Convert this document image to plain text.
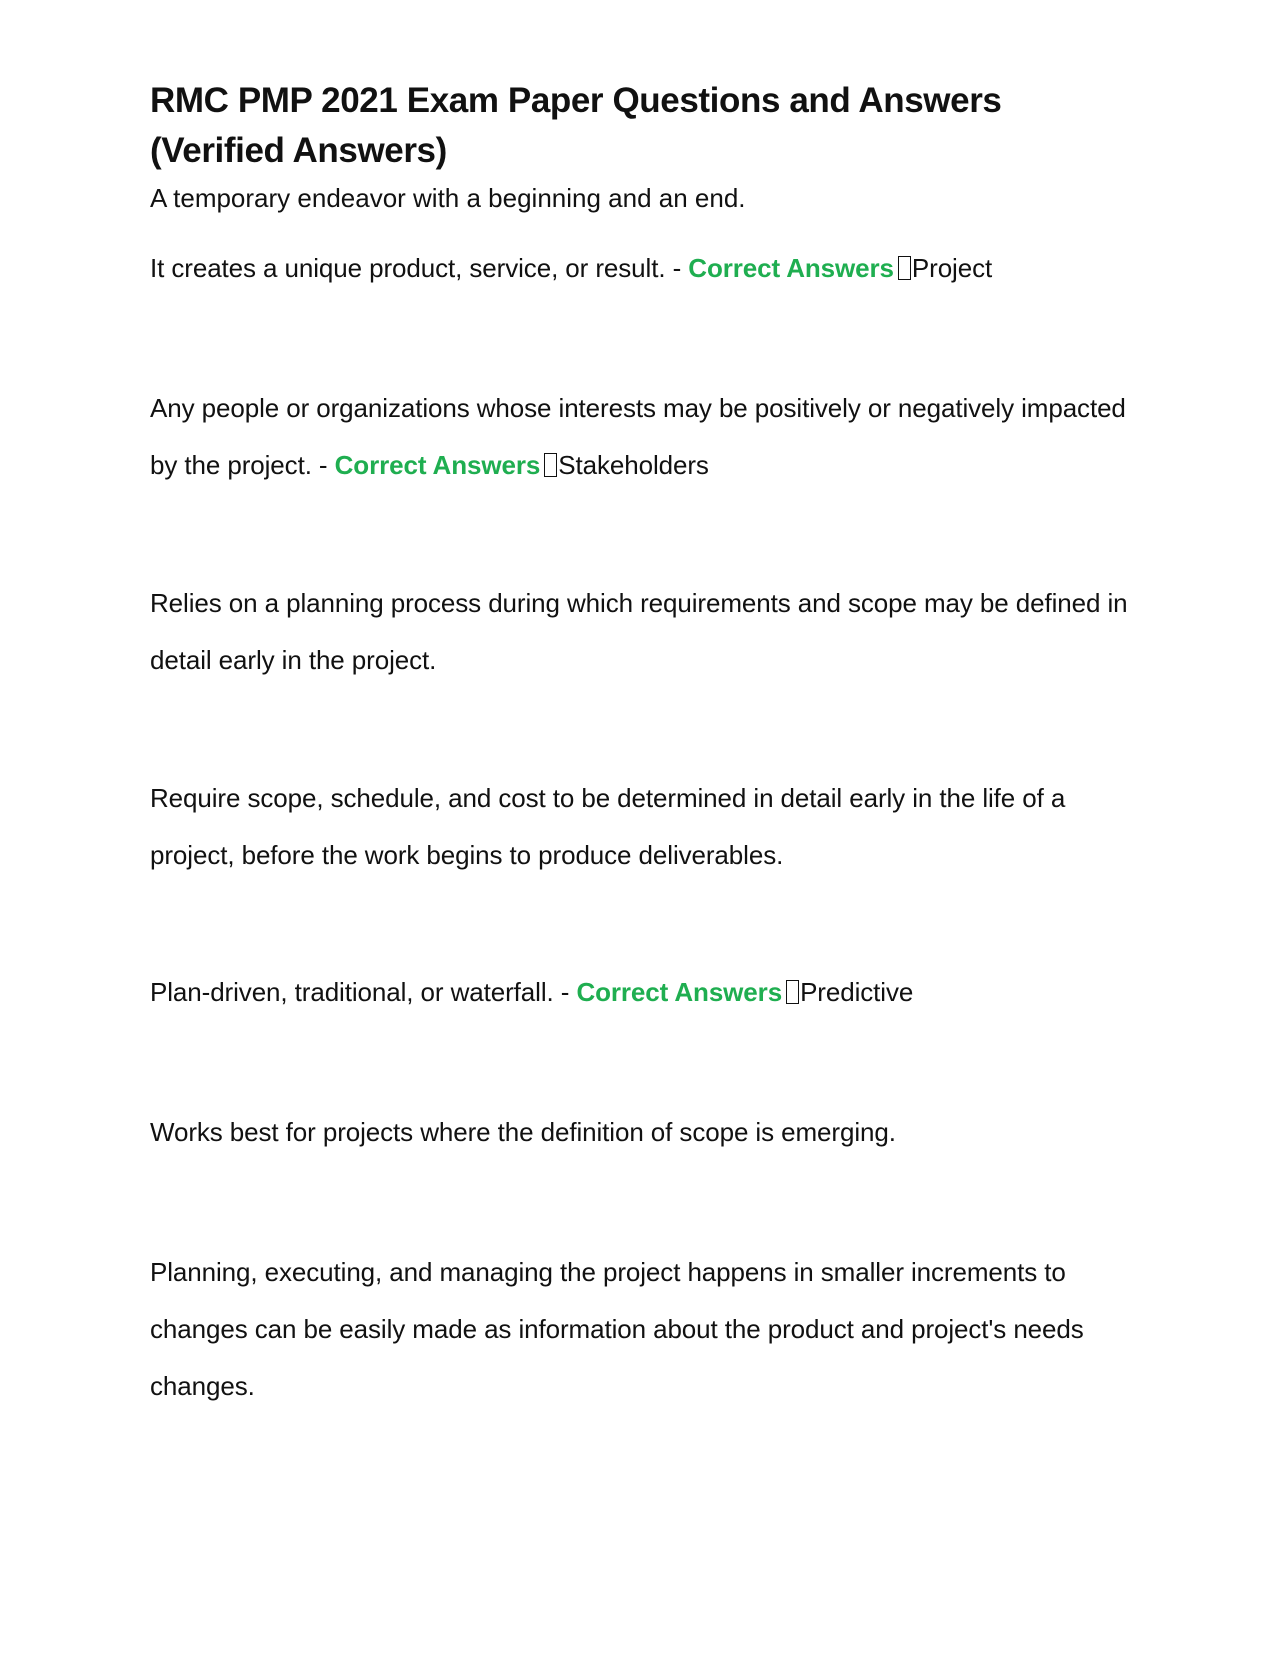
RMC PMP 2021 Exam Paper Questions and Answers (Verified Answers)

A temporary endeavor with a beginning and an end.

It creates a unique product, service, or result. - Correct Answers Project

Any people or organizations whose interests may be positively or negatively impacted by the project. - Correct Answers Stakeholders

Relies on a planning process during which requirements and scope may be defined in detail early in the project.

Require scope, schedule, and cost to be determined in detail early in the life of a project, before the work begins to produce deliverables.

Plan-driven, traditional, or waterfall. - Correct Answers Predictive

Works best for projects where the definition of scope is emerging.

Planning, executing, and managing the project happens in smaller increments to changes can be easily made as information about the product and project's needs changes.
